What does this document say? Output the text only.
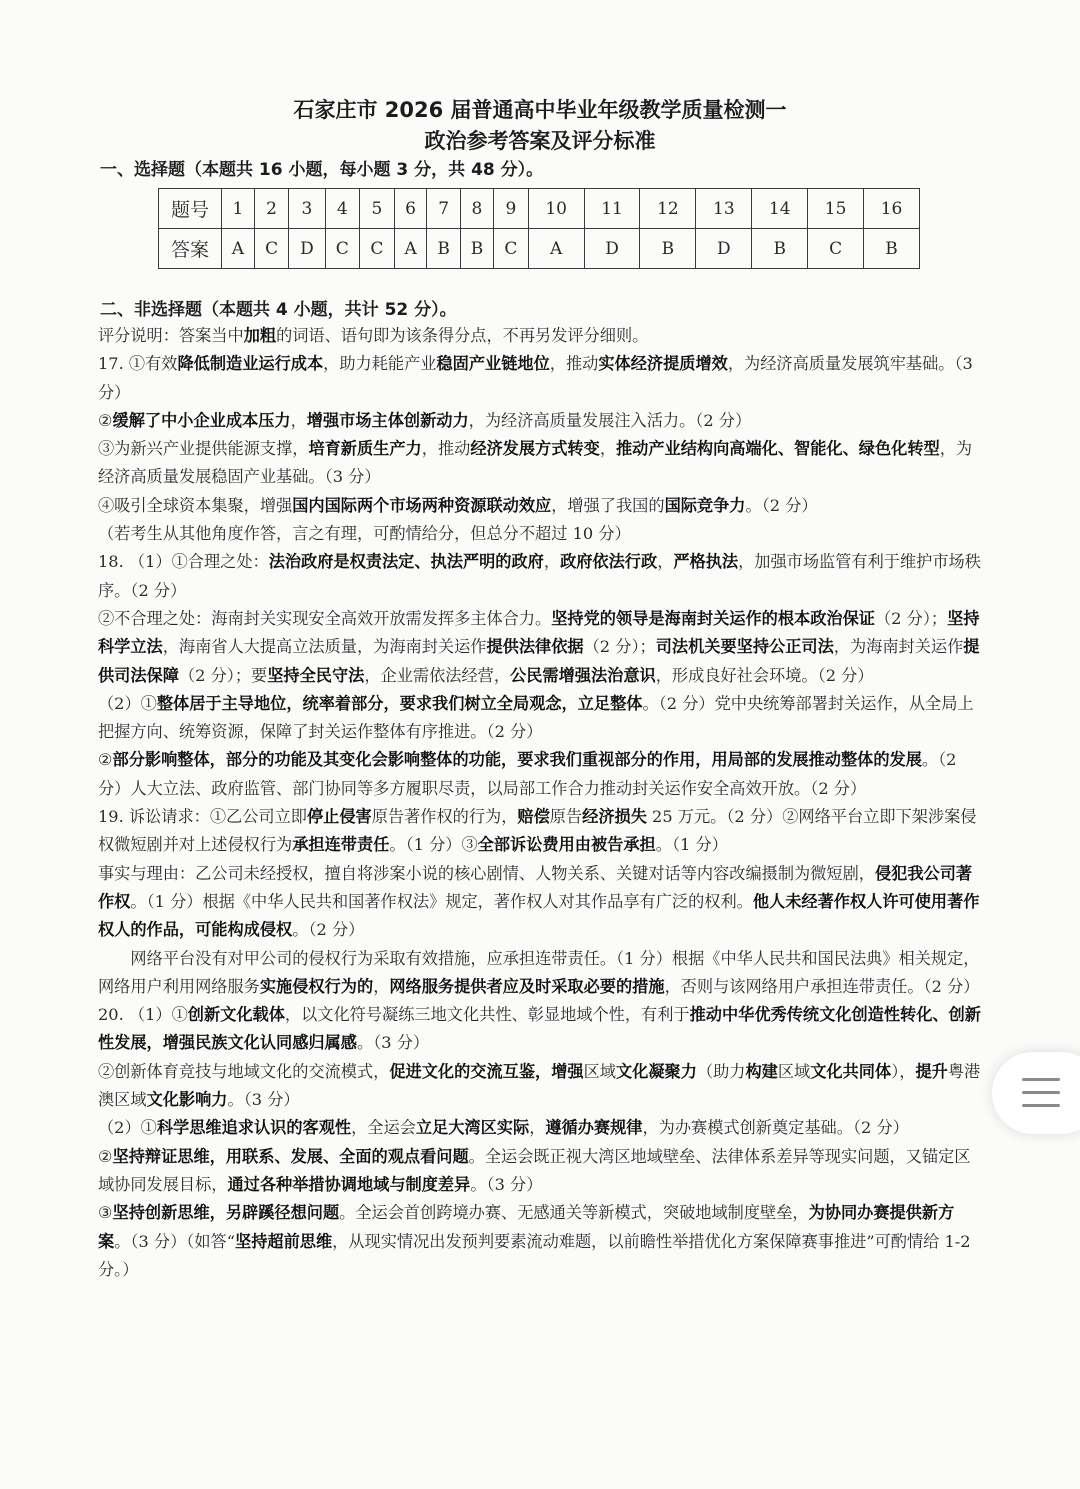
石家庄市 2026 届普通高中毕业年级教学质量检测一
政治参考答案及评分标准
一、选择题（本题共 16 小题，每小题 3 分，共 48 分）。
题号	1	2	3	4	5	6	7	8	9	10	11	12	13	14	15	16
答案	A	C	D	C	C	A	B	B	C	A	D	B	D	B	C	B
二、非选择题（本题共 4 小题，共计 52 分）。

评分说明：答案当中加粗的词语、语句即为该条得分点，不再另发评分细则。

17. ①有效降低制造业运行成本，助力耗能产业稳固产业链地位，推动实体经济提质增效，为经济高质量发展筑牢基础。（3 分）

②缓解了中小企业成本压力，增强市场主体创新动力，为经济高质量发展注入活力。（2 分）

③为新兴产业提供能源支撑，培育新质生产力，推动经济发展方式转变，推动产业结构向高端化、智能化、绿色化转型，为经济高质量发展稳固产业基础。（3 分）

④吸引全球资本集聚，增强国内国际两个市场两种资源联动效应，增强了我国的国际竞争力。（2 分）

（若考生从其他角度作答，言之有理，可酌情给分，但总分不超过 10 分）

18. （1）①合理之处：法治政府是权责法定、执法严明的政府，政府依法行政，严格执法，加强市场监管有利于维护市场秩序。（2 分）

②不合理之处：海南封关实现安全高效开放需发挥多主体合力。坚持党的领导是海南封关运作的根本政治保证（2 分）；坚持科学立法，海南省人大提高立法质量，为海南封关运作提供法律依据（2 分）；司法机关要坚持公正司法，为海南封关运作提供司法保障（2 分）；要坚持全民守法，企业需依法经营，公民需增强法治意识，形成良好社会环境。（2 分）

（2）①整体居于主导地位，统率着部分，要求我们树立全局观念，立足整体。（2 分）党中央统筹部署封关运作，从全局上把握方向、统筹资源，保障了封关运作整体有序推进。（2 分）

②部分影响整体，部分的功能及其变化会影响整体的功能，要求我们重视部分的作用，用局部的发展推动整体的发展。（2 分）人大立法、政府监管、部门协同等多方履职尽责，以局部工作合力推动封关运作安全高效开放。（2 分）

19. 诉讼请求：①乙公司立即停止侵害原告著作权的行为，赔偿原告经济损失 25 万元。（2 分）②网络平台立即下架涉案侵权微短剧并对上述侵权行为承担连带责任。（1 分）③全部诉讼费用由被告承担。（1 分）

事实与理由：乙公司未经授权，擅自将涉案小说的核心剧情、人物关系、关键对话等内容改编摄制为微短剧，侵犯我公司著作权。（1 分）根据《中华人民共和国著作权法》规定，著作权人对其作品享有广泛的权利。他人未经著作权人许可使用著作权人的作品，可能构成侵权。（2 分）

网络平台没有对甲公司的侵权行为采取有效措施，应承担连带责任。（1 分）根据《中华人民共和国民法典》相关规定，网络用户利用网络服务实施侵权行为的，网络服务提供者应及时采取必要的措施，否则与该网络用户承担连带责任。（2 分）

20. （1）①创新文化载体，以文化符号凝练三地文化共性、彰显地域个性，有利于推动中华优秀传统文化创造性转化、创新性发展，增强民族文化认同感归属感。（3 分）

②创新体育竞技与地域文化的交流模式，促进文化的交流互鉴，增强区域文化凝聚力（助力构建区域文化共同体），提升粤港澳区域文化影响力。（3 分）

（2）①科学思维追求认识的客观性，全运会立足大湾区实际，遵循办赛规律，为办赛模式创新奠定基础。（2 分）

②坚持辩证思维，用联系、发展、全面的观点看问题。全运会既正视大湾区地域壁垒、法律体系差异等现实问题，又锚定区域协同发展目标，通过各种举措协调地域与制度差异。（3 分）

③坚持创新思维，另辟蹊径想问题。全运会首创跨境办赛、无感通关等新模式，突破地域制度壁垒，为协同办赛提供新方案。（3 分）（如答“坚持超前思维，从现实情况出发预判要素流动难题，以前瞻性举措优化方案保障赛事推进”可酌情给 1-2 分。）
